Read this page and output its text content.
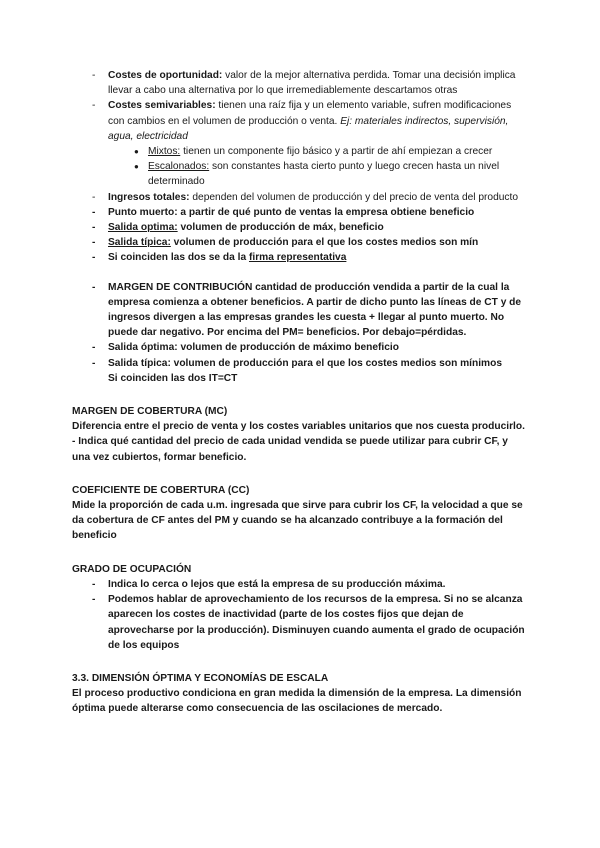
- Costes de oportunidad: valor de la mejor alternativa perdida. Tomar una decisión implica llevar a cabo una alternativa por lo que irremediablemente descartamos otras
- Costes semivariables: tienen una raíz fija y un elemento variable, sufren modificaciones con cambios en el volumen de producción o venta. Ej: materiales indirectos, supervisión, agua, electricidad
● Mixtos: tienen un componente fijo básico y a partir de ahí empiezan a crecer
● Escalonados: son constantes hasta cierto punto y luego crecen hasta un nivel determinado
- Ingresos totales: dependen del volumen de producción y del precio de venta del producto
- Punto muerto: a partir de qué punto de ventas la empresa obtiene beneficio
- Salida optima: volumen de producción de máx, beneficio
- Salida típica: volumen de producción para el que los costes medios son mín
- Si coinciden las dos se da la firma representativa
- MARGEN DE CONTRIBUCIÓN cantidad de producción vendida a partir de la cual la empresa comienza a obtener beneficios. A partir de dicho punto las líneas de CT y de ingresos divergen a las empresas grandes les cuesta + llegar al punto muerto. No puede dar negativo. Por encima del PM= beneficios. Por debajo=pérdidas.
- Salida óptima: volumen de producción de máximo beneficio
- Salida típica: volumen de producción para el que los costes medios son mínimos
Si coinciden las dos IT=CT
MARGEN DE COBERTURA (MC)
Diferencia entre el precio de venta y los costes variables unitarios que nos cuesta producirlo.
- Indica qué cantidad del precio de cada unidad vendida se puede utilizar para cubrir CF, y una vez cubiertos, formar beneficio.
COEFICIENTE DE COBERTURA (CC)
Mide la proporción de cada u.m. ingresada que sirve para cubrir los CF, la velocidad a que se da cobertura de CF antes del PM y cuando se ha alcanzado contribuye a la formación del beneficio
GRADO DE OCUPACIÓN
- Indica lo cerca o lejos que está la empresa de su producción máxima.
- Podemos hablar de aprovechamiento de los recursos de la empresa. Si no se alcanza aparecen los costes de inactividad (parte de los costes fijos que dejan de aprovecharse por la producción). Disminuyen cuando aumenta el grado de ocupación de los equipos
3.3. DIMENSIÓN ÓPTIMA Y ECONOMÍAS DE ESCALA
El proceso productivo condiciona en gran medida la dimensión de la empresa. La dimensión óptima puede alterarse como consecuencia de las oscilaciones de mercado.
